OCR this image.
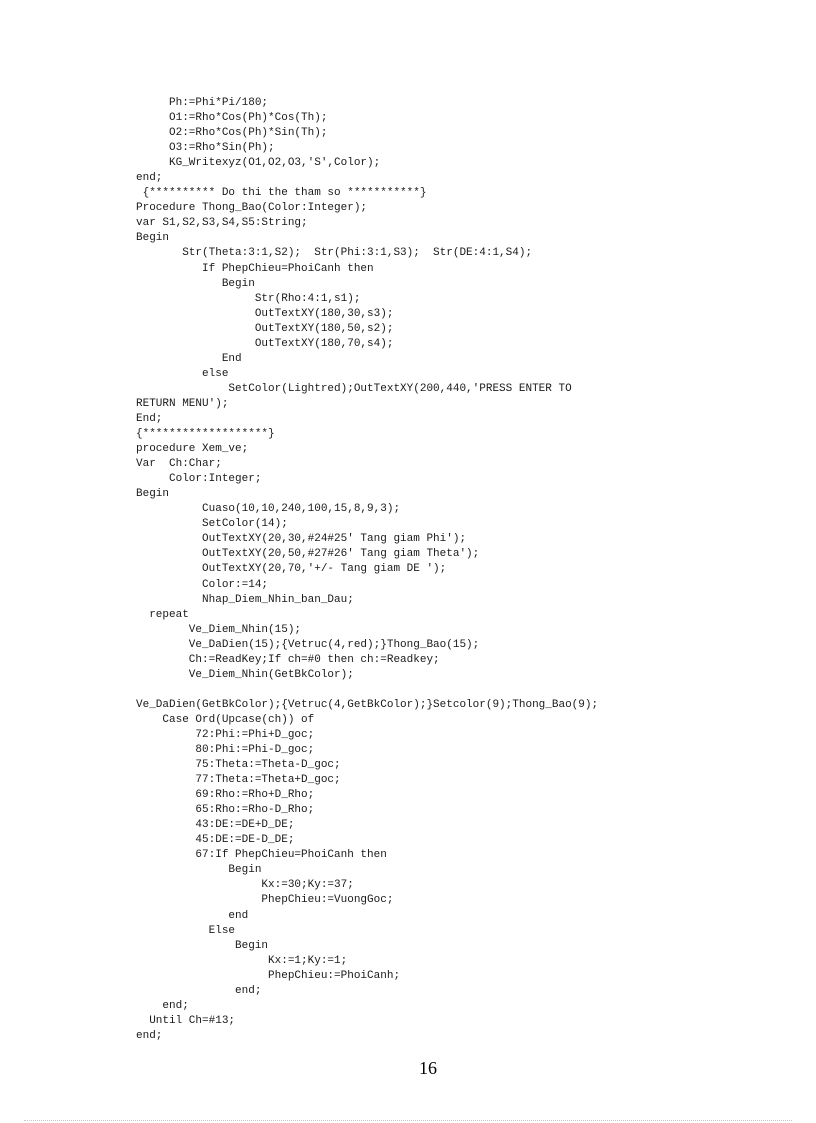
Ph:=Phi*Pi/180;
O1:=Rho*Cos(Ph)*Cos(Th);
O2:=Rho*Cos(Ph)*Sin(Th);
O3:=Rho*Sin(Ph);
KG_Writexyz(O1,O2,O3,'S',Color);
end;
{********** Do thi the tham so ***********}
Procedure Thong_Bao(Color:Integer);
var S1,S2,S3,S4,S5:String;
Begin
Str(Theta:3:1,S2);  Str(Phi:3:1,S3);  Str(DE:4:1,S4);
If PhepChieu=PhoiCanh then
Begin
Str(Rho:4:1,s1);
OutTextXY(180,30,s3);
OutTextXY(180,50,s2);
OutTextXY(180,70,s4);
End
else
SetColor(Lightred);OutTextXY(200,440,'PRESS ENTER TO
RETURN MENU');
End;
{*******************}
procedure Xem_ve;
Var  Ch:Char;
Color:Integer;
Begin
Cuaso(10,10,240,100,15,8,9,3);
SetColor(14);
OutTextXY(20,30,#24#25' Tang giam Phi');
OutTextXY(20,50,#27#26' Tang giam Theta');
OutTextXY(20,70,'+/- Tang giam DE ');
Color:=14;
Nhap_Diem_Nhin_ban_Dau;
repeat
Ve_Diem_Nhin(15);
Ve_DaDien(15);{Vetruc(4,red);}Thong_Bao(15);
Ch:=ReadKey;If ch=#0 then ch:=Readkey;
Ve_Diem_Nhin(GetBkColor);
Ve_DaDien(GetBkColor);{Vetruc(4,GetBkColor);}Setcolor(9);Thong_Bao(9);
Case Ord(Upcase(ch)) of
72:Phi:=Phi+D_goc;
80:Phi:=Phi-D_goc;
75:Theta:=Theta-D_goc;
77:Theta:=Theta+D_goc;
69:Rho:=Rho+D_Rho;
65:Rho:=Rho-D_Rho;
43:DE:=DE+D_DE;
45:DE:=DE-D_DE;
67:If PhepChieu=PhoiCanh then
Begin
Kx:=30;Ky:=37;
PhepChieu:=VuongGoc;
end
Else
Begin
Kx:=1;Ky:=1;
PhepChieu:=PhoiCanh;
end;
end;
Until Ch=#13;
end;
16
